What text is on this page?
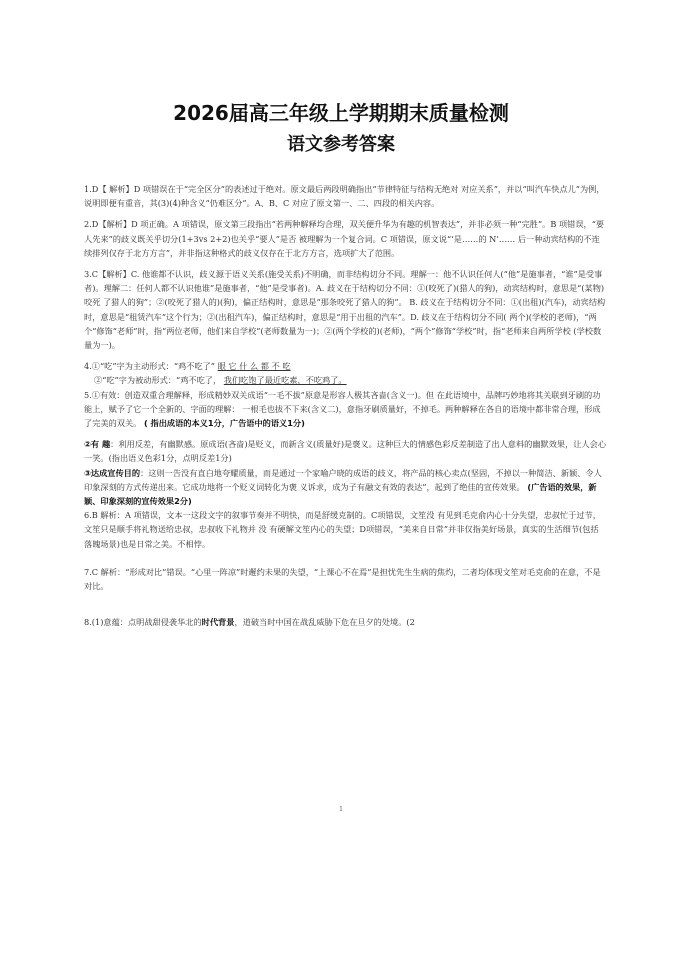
2026届高三年级上学期期末质量检测
语文参考答案

1.D【 解析】D 项错误在于“完全区分”的表述过于绝对。原文最后两段明确指出“节律特征与结构无绝对 对应关系”，并以“叫汽车快点儿”为例，说明即便有重音，其(3)(4)种含义“仍难区分”。A、B、C 对应了原文第一、二、四段的相关内容。

2.D【解析】D 项正确。A 项错误，原文第三段指出“若两种解释均合理，双关便升华为有趣的机智表达”，并非必须一种“完胜”。B 项错误，“要人先来”的歧义既关乎切分(1+3vs 2+2)也关乎“要人”是否 被理解为一个复合词。C 项错误，原文说“‘是……的 N’…… 后一种动宾结构的不连续排列仅存于北方方言”，并非指这种格式的歧义仅存在于北方方言，选项扩大了范围。

3.C【解析】C. 他谁都不认识，歧义源于语义关系(施受关系)不明确，而非结构切分不同。理解一：他不认识任何人(“他”是施事者，“谁”是受事者)。理解二：任何人都不认识他谁”是施事者，“他”是受事者)。A. 歧义在于结构切分不同：①(咬死了)(猎人的狗)，动宾结构时，意思是“(某物)咬死 了猎人的狗”；②(咬死了猎人的)(狗)，偏正结构时，意思是“那条咬死了猎人的狗”。 B. 歧义在于结构切分不同：①(出租)(汽车)，动宾结构时，意思是“租赁汽车”这个行为；②(出租汽车)，偏正结构时，意思是“用于出租的汽车”。D. 歧义在于结构切分不同( 两个)(学校的老师)，“两个”修饰“老师”时，指“两位老师，他们来自学校”(老师数量为一)；②(两个学校的)(老师)，“两个”修饰“学校”时，指“老师来自两所学校 (学校数量为一)。

4.①“吃”字为主动形式：“鸡不吃了” 眼 它 什 么 都 不 吃

②“吃”字为被动形式：“鸡不吃了， 我们吃饱了最近吃素，不吃鸡了。

5.①有效：创造双重合理解释，形成精妙双关成语“一毛不拔”原意是形容人极其吝啬(含义一)。但 在此语境中，品牌巧妙地将其关联到牙刷的功能上，赋予了它一个全新的、字面的理解： 一根毛也拔不下来(含义二)，意指牙刷质量好，不掉毛。两种解释在各自的语境中都非常合理，形成了完美的双关。 ( 指出成语的本义1分，广告语中的语义1分)

②有 趣：利用反差，有幽默感。原成语(吝啬)是贬义，而新含义(质量好)是褒义。这种巨大的情感色彩反差制造了出人意料的幽默效果，让人会心一笑。(指出语义色彩1分，点明反差1分)

③达成宣传目的：这则一告没有直白地夸耀质量，而是通过一个家喻户晓的成语的歧义，将产品的核心卖点(坚固，不掉以一种简洁、新颖、令人印象深刻的方式传递出来。它成功地将一个贬义词转化为褒 义诉求，成为子有融文有效的表达”，起到了绝佳的宣传效果。 (广告语的效果，新颖、印象深刻的宣传效果2分)

6.B 解析：A 项错误，文本一这段文字的叙事节奏并不明快，而是舒缓克制的。C项错误，文笙没 有见到毛克俞内心十分失望，忠叔忙于过节，文笙只是顺手将礼物送给忠叔，忠叔收下礼物并 没 有硬解文笙内心的失望；D项错误，“美来自日常”并非仅指美好场景，真实的生活细节(包括落魄场景)也是日常之美。不相悖。

7.C 解析：“形成对比”错误。“心里一阵凉”时邂约未果的失望，“上课心不在焉”是担忧先生生病的焦灼，二者均体现文笙对毛克俞的在意，不是对比。

8.(1)意蕴：点明战甜侵袭华北的时代背景，道破当时中国在战乱威胁下危在旦夕的处境。(2

1
